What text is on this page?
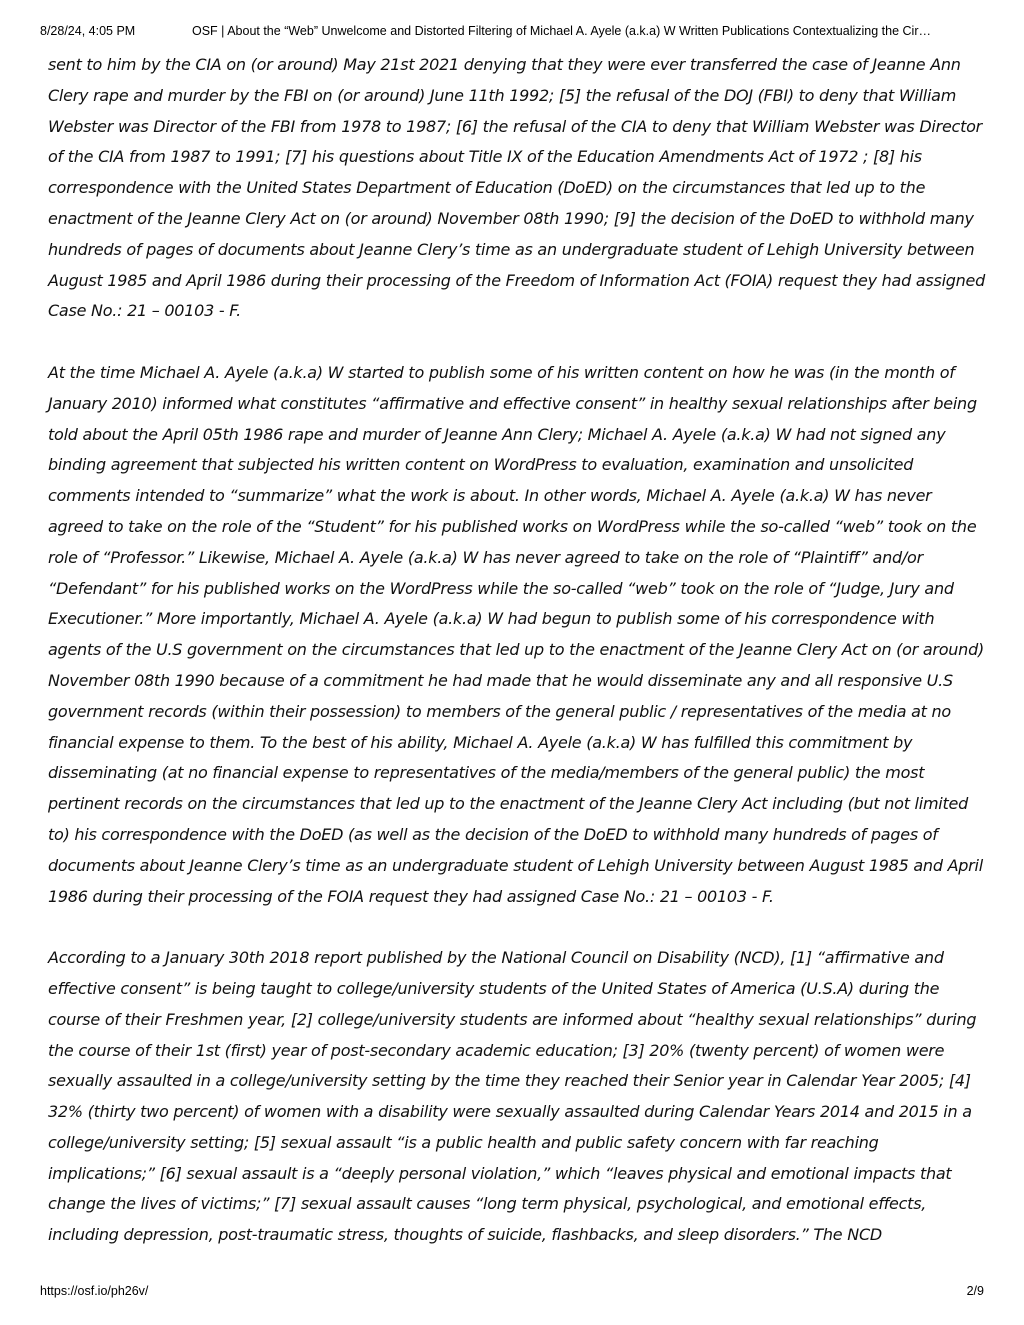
8/28/24, 4:05 PM	OSF | About the “Web” Unwelcome and Distorted Filtering of Michael A. Ayele (a.k.a) W Written Publications Contextualizing the Cir…

sent to him by the CIA on (or around) May 21st 2021 denying that they were ever transferred the case of Jeanne Ann Clery rape and murder by the FBI on (or around) June 11th 1992; [5] the refusal of the DOJ (FBI) to deny that William Webster was Director of the FBI from 1978 to 1987; [6] the refusal of the CIA to deny that William Webster was Director of the CIA from 1987 to 1991; [7] his questions about Title IX of the Education Amendments Act of 1972 ; [8] his correspondence with the United States Department of Education (DoED) on the circumstances that led up to the enactment of the Jeanne Clery Act on (or around) November 08th 1990; [9] the decision of the DoED to withhold many hundreds of pages of documents about Jeanne Clery’s time as an undergraduate student of Lehigh University between August 1985 and April 1986 during their processing of the Freedom of Information Act (FOIA) request they had assigned Case No.: 21 – 00103 - F.

At the time Michael A. Ayele (a.k.a) W started to publish some of his written content on how he was (in the month of January 2010) informed what constitutes “affirmative and effective consent” in healthy sexual relationships after being told about the April 05th 1986 rape and murder of Jeanne Ann Clery; Michael A. Ayele (a.k.a) W had not signed any binding agreement that subjected his written content on WordPress to evaluation, examination and unsolicited comments intended to “summarize” what the work is about. In other words, Michael A. Ayele (a.k.a) W has never agreed to take on the role of the “Student” for his published works on WordPress while the so-called “web” took on the role of “Professor.” Likewise, Michael A. Ayele (a.k.a) W has never agreed to take on the role of “Plaintiff” and/or “Defendant” for his published works on the WordPress while the so-called “web” took on the role of “Judge, Jury and Executioner.” More importantly, Michael A. Ayele (a.k.a) W had begun to publish some of his correspondence with agents of the U.S government on the circumstances that led up to the enactment of the Jeanne Clery Act on (or around) November 08th 1990 because of a commitment he had made that he would disseminate any and all responsive U.S government records (within their possession) to members of the general public / representatives of the media at no financial expense to them. To the best of his ability, Michael A. Ayele (a.k.a) W has fulfilled this commitment by disseminating (at no financial expense to representatives of the media/members of the general public) the most pertinent records on the circumstances that led up to the enactment of the Jeanne Clery Act including (but not limited to) his correspondence with the DoED (as well as the decision of the DoED to withhold many hundreds of pages of documents about Jeanne Clery’s time as an undergraduate student of Lehigh University between August 1985 and April 1986 during their processing of the FOIA request they had assigned Case No.: 21 – 00103 - F.

According to a January 30th 2018 report published by the National Council on Disability (NCD), [1] “affirmative and effective consent” is being taught to college/university students of the United States of America (U.S.A) during the course of their Freshmen year, [2] college/university students are informed about “healthy sexual relationships” during the course of their 1st (first) year of post-secondary academic education; [3] 20% (twenty percent) of women were sexually assaulted in a college/university setting by the time they reached their Senior year in Calendar Year 2005; [4] 32% (thirty two percent) of women with a disability were sexually assaulted during Calendar Years 2014 and 2015 in a college/university setting; [5] sexual assault “is a public health and public safety concern with far reaching implications;” [6] sexual assault is a “deeply personal violation,” which “leaves physical and emotional impacts that change the lives of victims;” [7] sexual assault causes “long term physical, psychological, and emotional effects, including depression, post-traumatic stress, thoughts of suicide, flashbacks, and sleep disorders.” The NCD

https://osf.io/ph26v/	2/9
